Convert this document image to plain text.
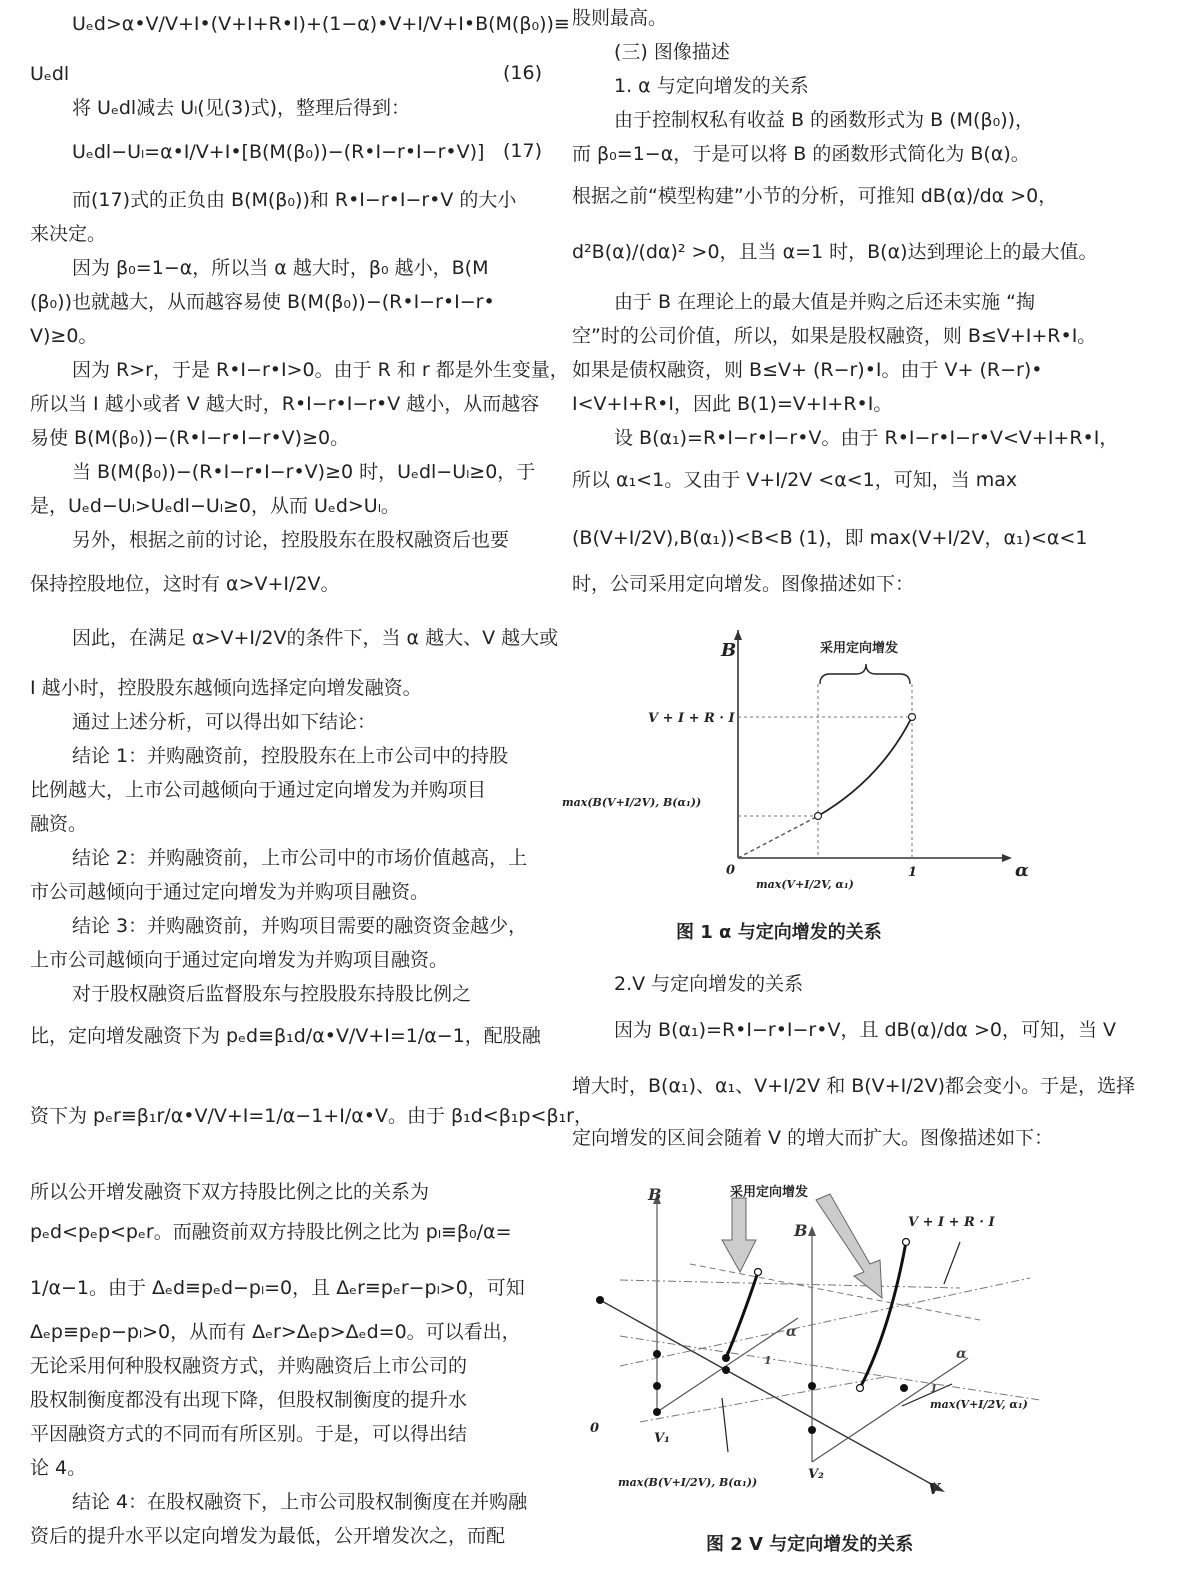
Uₑd>α•V/V+I•(V+I+R•I)+(1−α)•V+I/V+I•B(M(β₀))≡
Uₑdl	(16)
将 Uₑdl减去 Uₗ(见(3)式)，整理后得到：
Uₑdl−Uₗ=α•I/V+I•[B(M(β₀))−(R•I−r•I−r•V)] (17)
而(17)式的正负由 B(M(β₀))和 R•I−r•I−r•V 的大小
来决定。
因为 β₀=1−α，所以当 α 越大时，β₀ 越小，B(M
(β₀))也就越大，从而越容易使 B(M(β₀))−(R•I−r•I−r•
V)≥0。
因为 R>r，于是 R•I−r•I>0。由于 R 和 r 都是外生变量，
所以当 I 越小或者 V 越大时，R•I−r•I−r•V 越小，从而越容
易使 B(M(β₀))−(R•I−r•I−r•V)≥0。
当 B(M(β₀))−(R•I−r•I−r•V)≥0 时，Uₑdl−Uₗ≥0，于
是，Uₑd−Uₗ>Uₑdl−Uₗ≥0，从而 Uₑd>Uₗ。
另外，根据之前的讨论，控股股东在股权融资后也要
保持控股地位，这时有 α>V+I/2V。
因此，在满足 α>V+I/2V的条件下，当 α 越大、V 越大或
I 越小时，控股股东越倾向选择定向增发融资。
通过上述分析，可以得出如下结论：
结论 1：并购融资前，控股股东在上市公司中的持股
比例越大，上市公司越倾向于通过定向增发为并购项目
融资。
结论 2：并购融资前，上市公司中的市场价值越高，上
市公司越倾向于通过定向增发为并购项目融资。
结论 3：并购融资前，并购项目需要的融资资金越少，
上市公司越倾向于通过定向增发为并购项目融资。
对于股权融资后监督股东与控股股东持股比例之
比，定向增发融资下为 pₑd≡β₁d/α•V/V+I=1/α−1，配股融
资下为 pₑr≡β₁r/α•V/V+I=1/α−1+I/α•V。由于 β₁d<β₁p<β₁r，
所以公开增发融资下双方持股比例之比的关系为
pₑd<pₑp<pₑr。而融资前双方持股比例之比为 pₗ≡β₀/α=
1/α−1。由于 Δₑd≡pₑd−pₗ=0，且 Δₑr≡pₑr−pₗ>0，可知
Δₑp≡pₑp−pₗ>0，从而有 Δₑr>Δₑp>Δₑd=0。可以看出，
无论采用何种股权融资方式，并购融资后上市公司的
股权制衡度都没有出现下降，但股权制衡度的提升水
平因融资方式的不同而有所区别。于是，可以得出结
论 4。
结论 4：在股权融资下，上市公司股权制衡度在并购融
资后的提升水平以定向增发为最低，公开增发次之，而配
股则最高。
(三) 图像描述
1. α 与定向增发的关系
由于控制权私有收益 B 的函数形式为 B (M(β₀))，
而 β₀=1−α，于是可以将 B 的函数形式简化为 B(α)。
根据之前“模型构建”小节的分析，可推知 dB(α)/dα >0，
d²B(α)/(dα)² >0，且当 α=1 时，B(α)达到理论上的最大值。
由于 B 在理论上的最大值是并购之后还未实施 “掏
空”时的公司价值，所以，如果是股权融资，则 B≤V+I+R•I。
如果是债权融资，则 B≤V+ (R−r)•I。由于 V+ (R−r)•
I<V+I+R•I，因此 B(1)=V+I+R•I。
设 B(α₁)=R•I−r•I−r•V。由于 R•I−r•I−r•V<V+I+R•I，
所以 α₁<1。又由于 V+I/2V <α<1，可知，当 max
(B(V+I/2V),B(α₁))<B<B (1)，即 max(V+I/2V，α₁)<α<1
时，公司采用定向增发。图像描述如下：
2.V 与定向增发的关系
因为 B(α₁)=R•I−r•I−r•V，且 dB(α)/dα >0，可知，当 V
增大时，B(α₁)、α₁、V+I/2V 和 B(V+I/2V)都会变小。于是，选择
定向增发的区间会随着 V 的增大而扩大。图像描述如下：
B
α
采用定向增发
V + I + R · I
max(B(V+I/2V), B(α₁))
0	1
max(V+I/2V, α₁)
图 1 α 与定向增发的关系
B
B
采用定向增发
V + I + R · I
α
α
1
1
0
V₁
V₂
V
max(V+I/2V, α₁)
max(B(V+I/2V), B(α₁))
图 2 V 与定向增发的关系
